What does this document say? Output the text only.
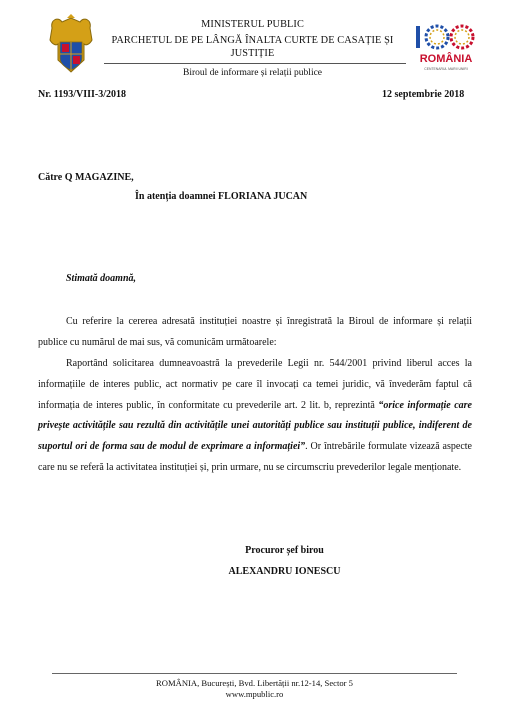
MINISTERUL PUBLIC
PARCHETUL DE PE LÂNGĂ ÎNALTA CURTE DE CASAȚIE ȘI
JUSTIȚIE
Biroul de informare și relații publice
ROMÂNIA
CENTENARUL MARII UNIRI
Nr. 1193/VIII-3/2018	12 septembrie 2018
Către Q MAGAZINE,
În atenția doamnei FLORIANA JUCAN
Stimată doamnă,

Cu referire la cererea adresată instituției noastre și înregistrată la Biroul de informare și relații publice cu numărul de mai sus, vă comunicăm următoarele:

Raportând solicitarea dumneavoastră la prevederile Legii nr. 544/2001 privind liberul acces la informațiile de interes public, act normativ pe care îl invocați ca temei juridic, vă învederăm faptul că informația de interes public, în conformitate cu prevederile art. 2 lit. b, reprezintă “orice informație care privește activitățile sau rezultă din activitățile unei autorități publice sau instituții publice, indiferent de suportul ori de forma sau de modul de exprimare a informației”. Or întrebările formulate vizează aspecte care nu se referă la activitatea instituției și, prin urmare, nu se circumscriu prevederilor legale menționate.

Procuror șef birou
ALEXANDRU IONESCU
ROMÂNIA, București, Bvd. Libertății nr.12-14, Sector 5
www.mpublic.ro
